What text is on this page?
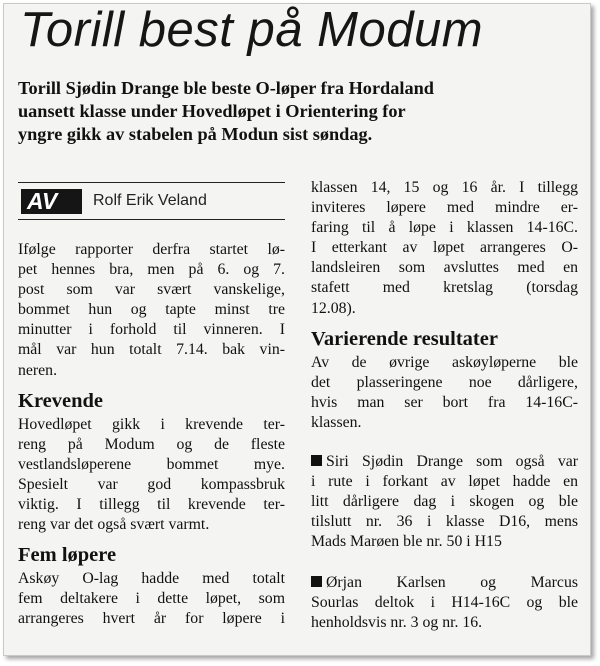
Torill best på Modum
Torill Sjødin Drange ble beste O-løper fra Hordaland
uansett klasse under Hovedløpet i Orientering for
yngre gikk av stabelen på Modun sist søndag.
AV Rolf Erik Veland
Ifølge rapporter derfra startet lø-
pet hennes bra, men på 6. og 7.
post som var svært vanskelige,
bommet hun og tapte minst tre
minutter i forhold til vinneren. I
mål var hun totalt 7.14. bak vin-
neren.
Krevende
Hovedløpet gikk i krevende ter-
reng på Modum og de fleste
vestlandsløperene bommet mye.
Spesielt var god kompassbruk
viktig. I tillegg til krevende ter-
reng var det også svært varmt.
Fem løpere
Askøy O-lag hadde med totalt
fem deltakere i dette løpet, som
arrangeres hvert år for løpere i
klassen 14, 15 og 16 år. I tillegg
inviteres løpere med mindre er-
faring til å løpe i klassen 14-16C.
I etterkant av løpet arrangeres O-
landsleiren som avsluttes med en
stafett med kretslag (torsdag
12.08).
Varierende resultater
Av de øvrige askøyløperne ble
det plasseringene noe dårligere,
hvis man ser bort fra 14-16C-
klassen.
Siri Sjødin Drange som også var
i rute i forkant av løpet hadde en
litt dårligere dag i skogen og ble
tilslutt nr. 36 i klasse D16, mens
Mads Marøen ble nr. 50 i H15
Ørjan Karlsen og Marcus
Sourlas deltok i H14-16C og ble
henholdsvis nr. 3 og nr. 16.
